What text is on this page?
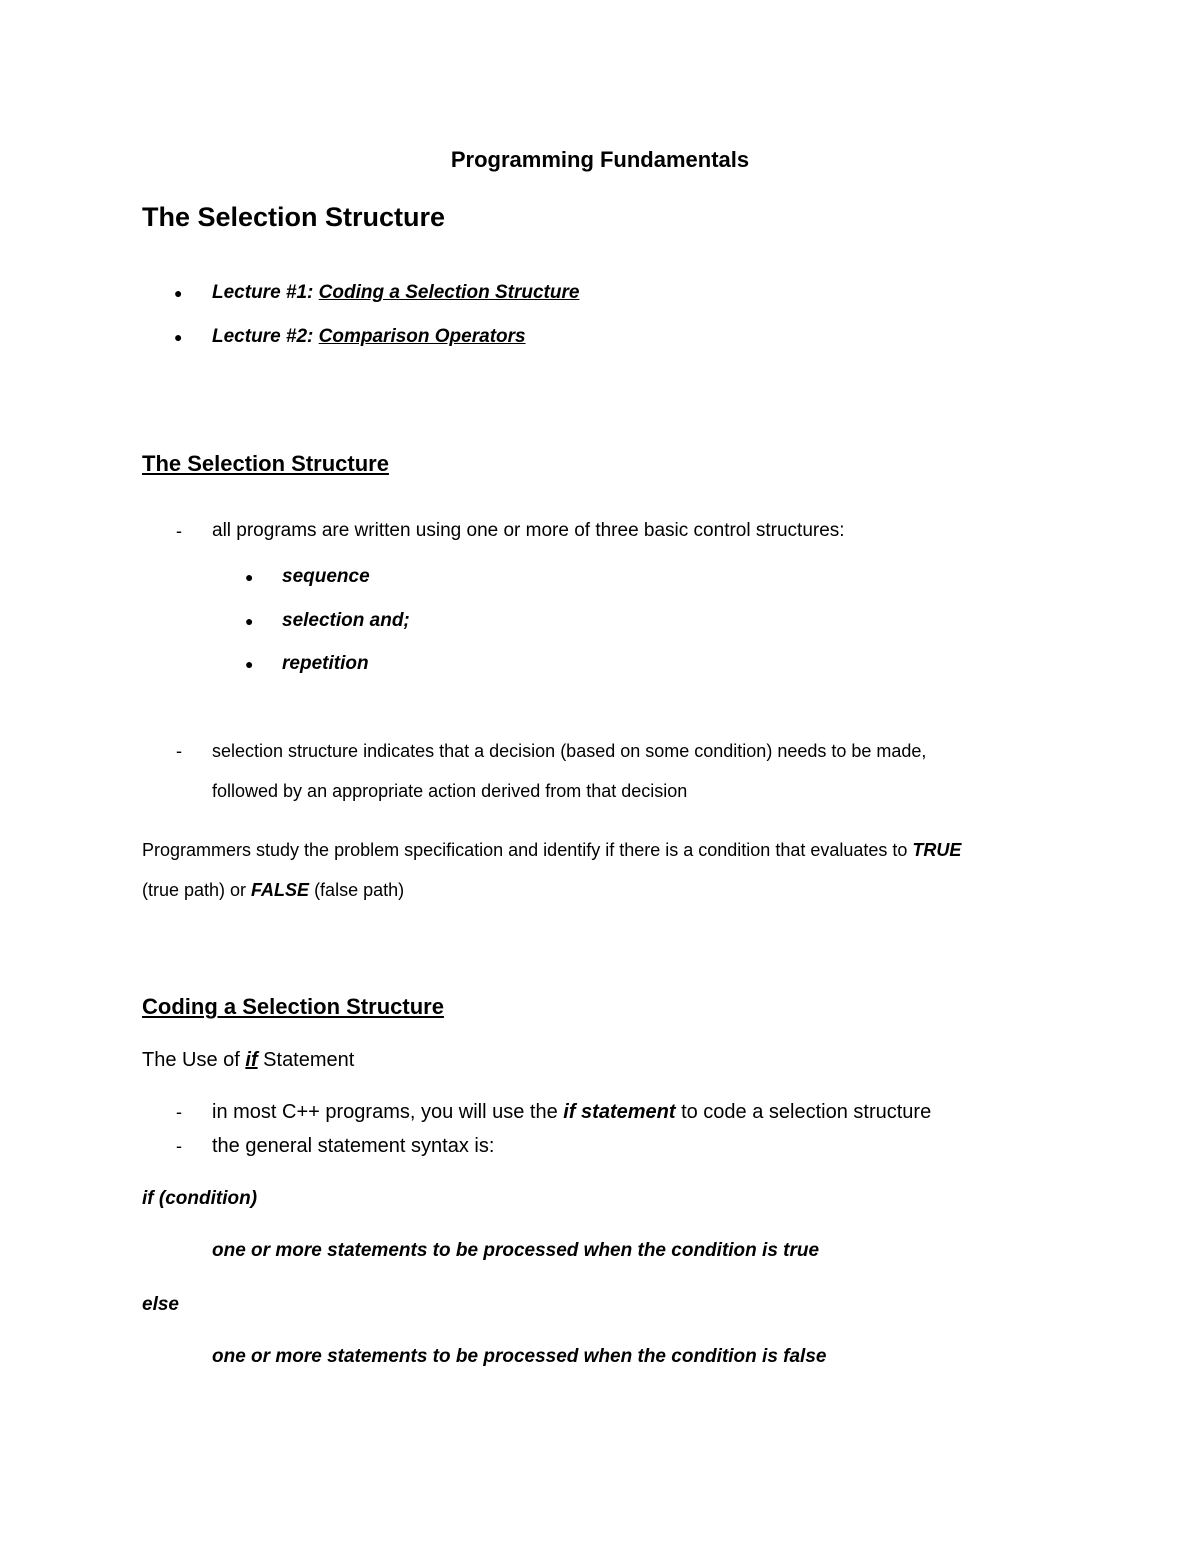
Programming Fundamentals
The Selection Structure
● Lecture #1: Coding a Selection Structure
● Lecture #2: Comparison Operators
The Selection Structure
- all programs are written using one or more of three basic control structures:
● sequence
● selection and;
● repetition
- selection structure indicates that a decision (based on some condition) needs to be made,
followed by an appropriate action derived from that decision
Programmers study the problem specification and identify if there is a condition that evaluates to TRUE
(true path) or FALSE (false path)
Coding a Selection Structure
The Use of if Statement
- in most C++ programs, you will use the if statement to code a selection structure
- the general statement syntax is:
if (condition)
one or more statements to be processed when the condition is true
else
one or more statements to be processed when the condition is false
